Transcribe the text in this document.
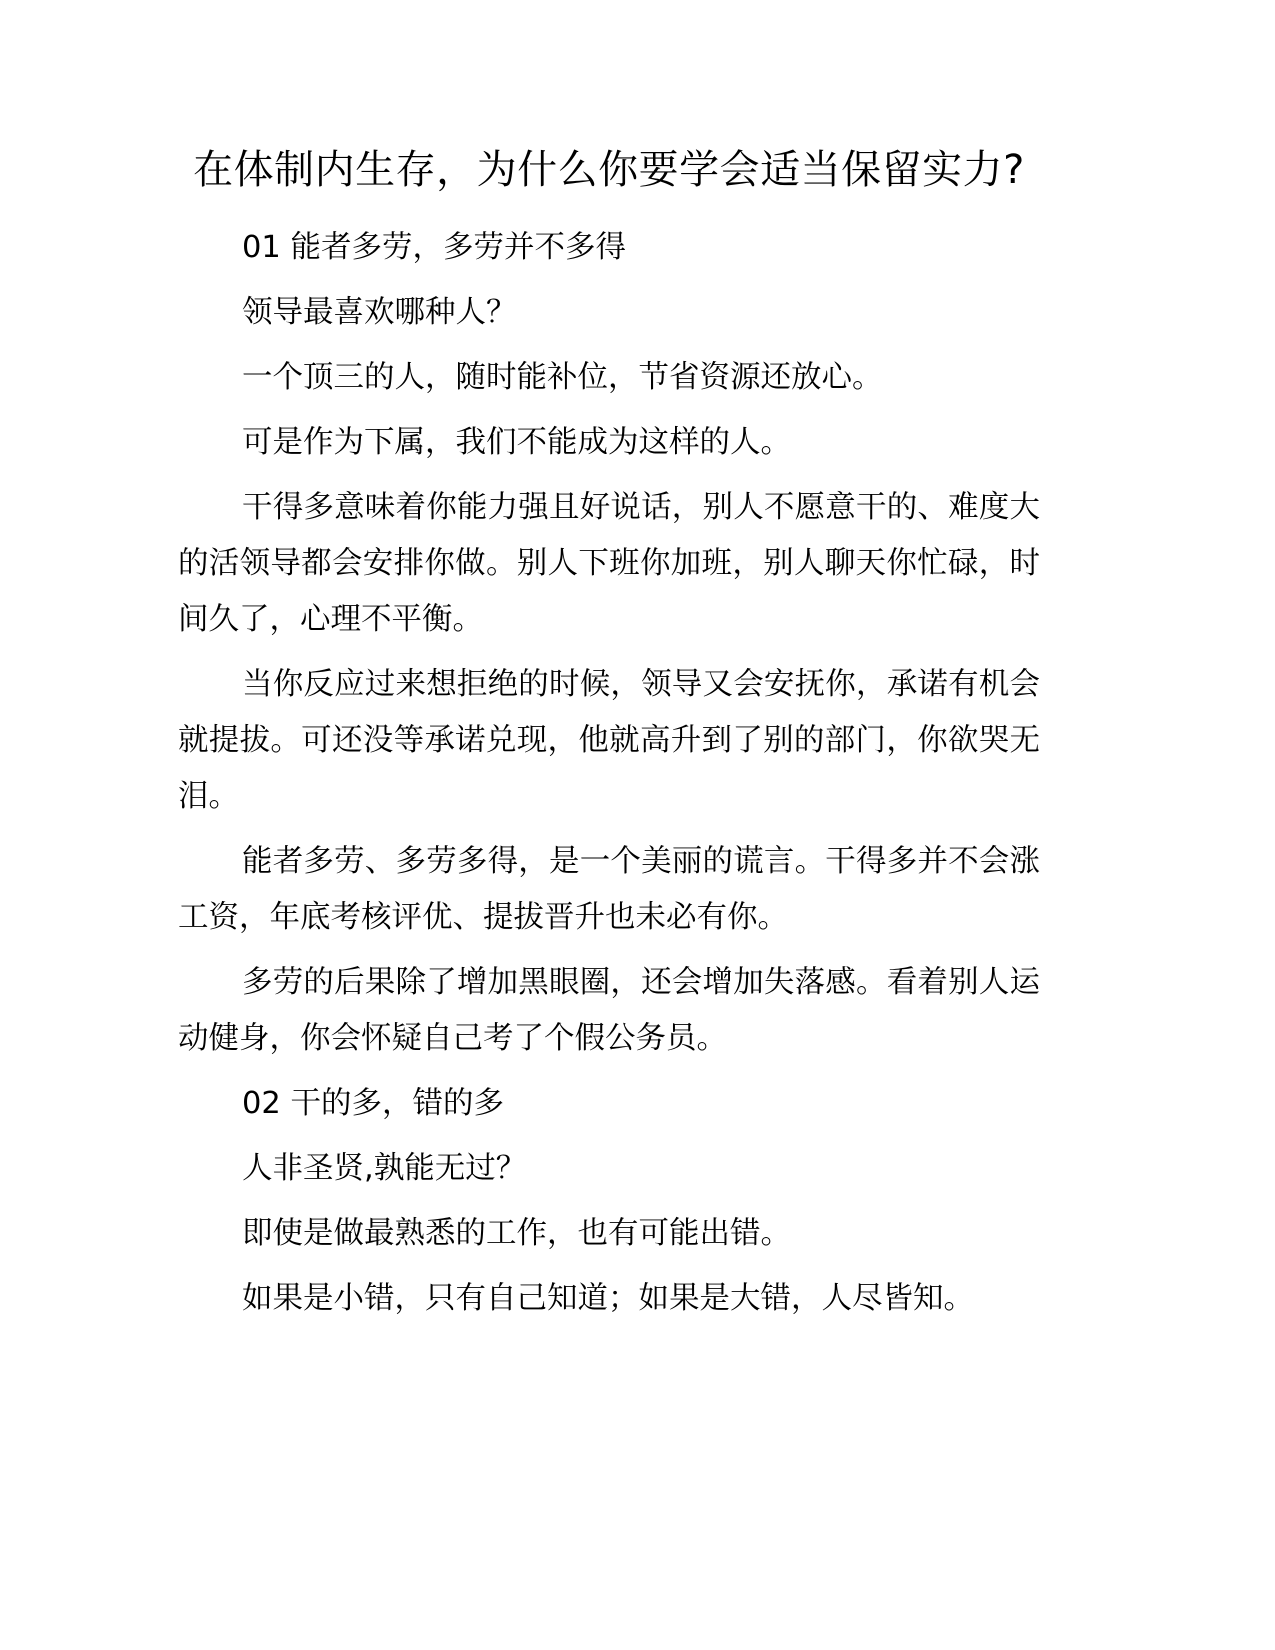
在体制内生存，为什么你要学会适当保留实力?

01 能者多劳，多劳并不多得

领导最喜欢哪种人？

一个顶三的人，随时能补位，节省资源还放心。

可是作为下属，我们不能成为这样的人。

干得多意味着你能力强且好说话，别人不愿意干的、难度大的活领导都会安排你做。别人下班你加班，别人聊天你忙碌，时间久了，心理不平衡。

当你反应过来想拒绝的时候，领导又会安抚你，承诺有机会就提拔。可还没等承诺兑现，他就高升到了别的部门，你欲哭无泪。

能者多劳、多劳多得，是一个美丽的谎言。干得多并不会涨工资，年底考核评优、提拔晋升也未必有你。

多劳的后果除了增加黑眼圈，还会增加失落感。看着别人运动健身，你会怀疑自己考了个假公务员。

02 干的多，错的多

人非圣贤,孰能无过？

即使是做最熟悉的工作，也有可能出错。

如果是小错，只有自己知道；如果是大错，人尽皆知。
